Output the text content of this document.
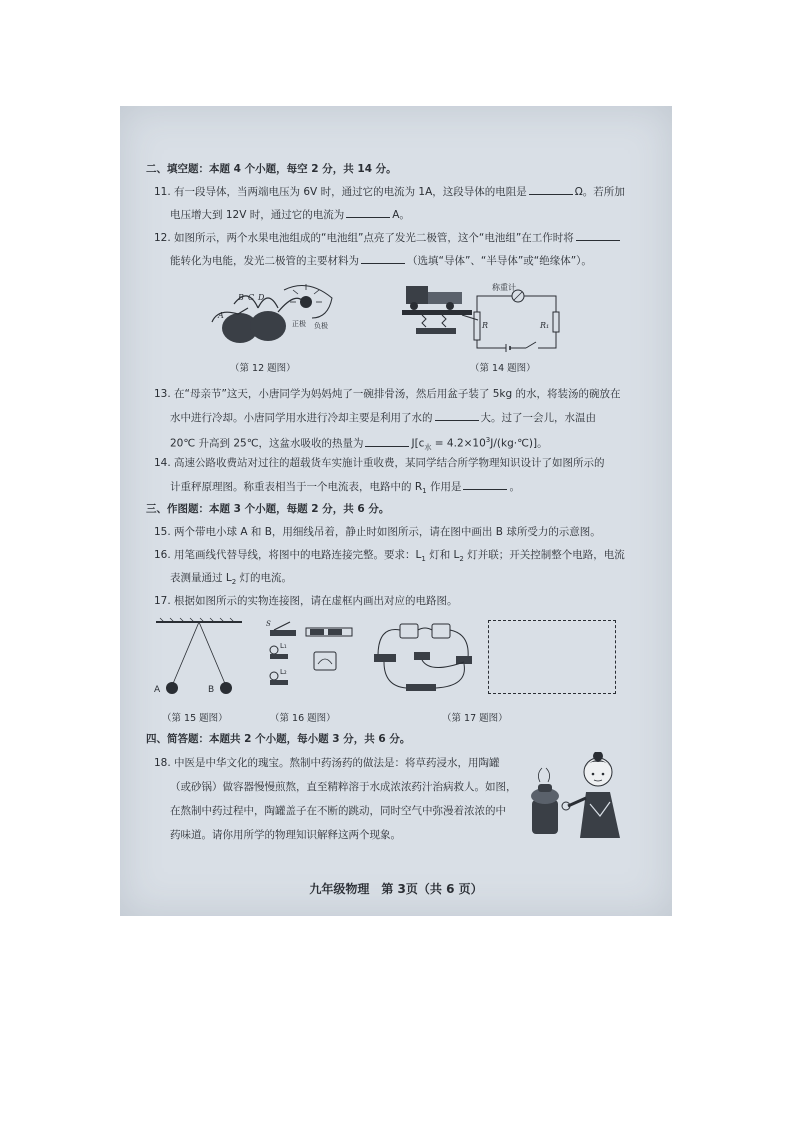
二、填空题：本题 4 个小题，每空 2 分，共 14 分。
11. 有一段导体，当两端电压为 6V 时，通过它的电流为 1A，这段导体的电阻是	Ω。若所加
电压增大到 12V 时，通过它的电流为	A。
12. 如图所示，两个水果电池组成的“电池组”点亮了发光二极管，这个“电池组”在工作时将
能转化为电能，发光二极管的主要材料为	（选填“导体”、“半导体”或“绝缘体”）。
A
B C D
正极 负极
（第 12 题图）
R
称重计
R₁
（第 14 题图）
13. 在“母亲节”这天，小唐同学为妈妈炖了一碗排骨汤，然后用盆子装了 5kg 的水，将装汤的碗放在
水中进行冷却。小唐同学用水进行冷却主要是利用了水的	大。过了一会儿，水温由
20℃ 升高到 25℃，这盆水吸收的热量为	$J[c_水$ = $4.2\times 10^3J/(kg\cdot℃)$]。
14. 高速公路收费站对过往的超载货车实施计重收费，某同学结合所学物理知识设计了如图所示的
计重秤原理图。称重表相当于一个电流表，电路中的 $R_1$ 作用是	。
三、作图题：本题 3 个小题，每题 2 分，共 6 分。
15. 两个带电小球 A 和 B，用细线吊着，静止时如图所示，请在图中画出 B 球所受力的示意图。
16. 用笔画线代替导线，将图中的电路连接完整。要求：$L_1$ 灯和 $L_2$ 灯并联；开关控制整个电路，电流
表测量通过 $L_2$ 灯的电流。
17. 根据如图所示的实物连接图，请在虚框内画出对应的电路图。
A	B
（第 15 题图）
S
L₁
L₂
（第 16 题图）	（第 17 题图）
四、简答题：本题共 2 个小题，每小题 3 分，共 6 分。
18. 中医是中华文化的瑰宝。熬制中药汤药的做法是：将草药浸水，用陶罐
（或砂锅）做容器慢慢煎熬，直至精粹溶于水成浓浓药汁治病救人。如图，
在熬制中药过程中，陶罐盖子在不断的跳动，同时空气中弥漫着浓浓的中
药味道。请你用所学的物理知识解释这两个现象。
九年级物理　第 3页（共 6 页）
